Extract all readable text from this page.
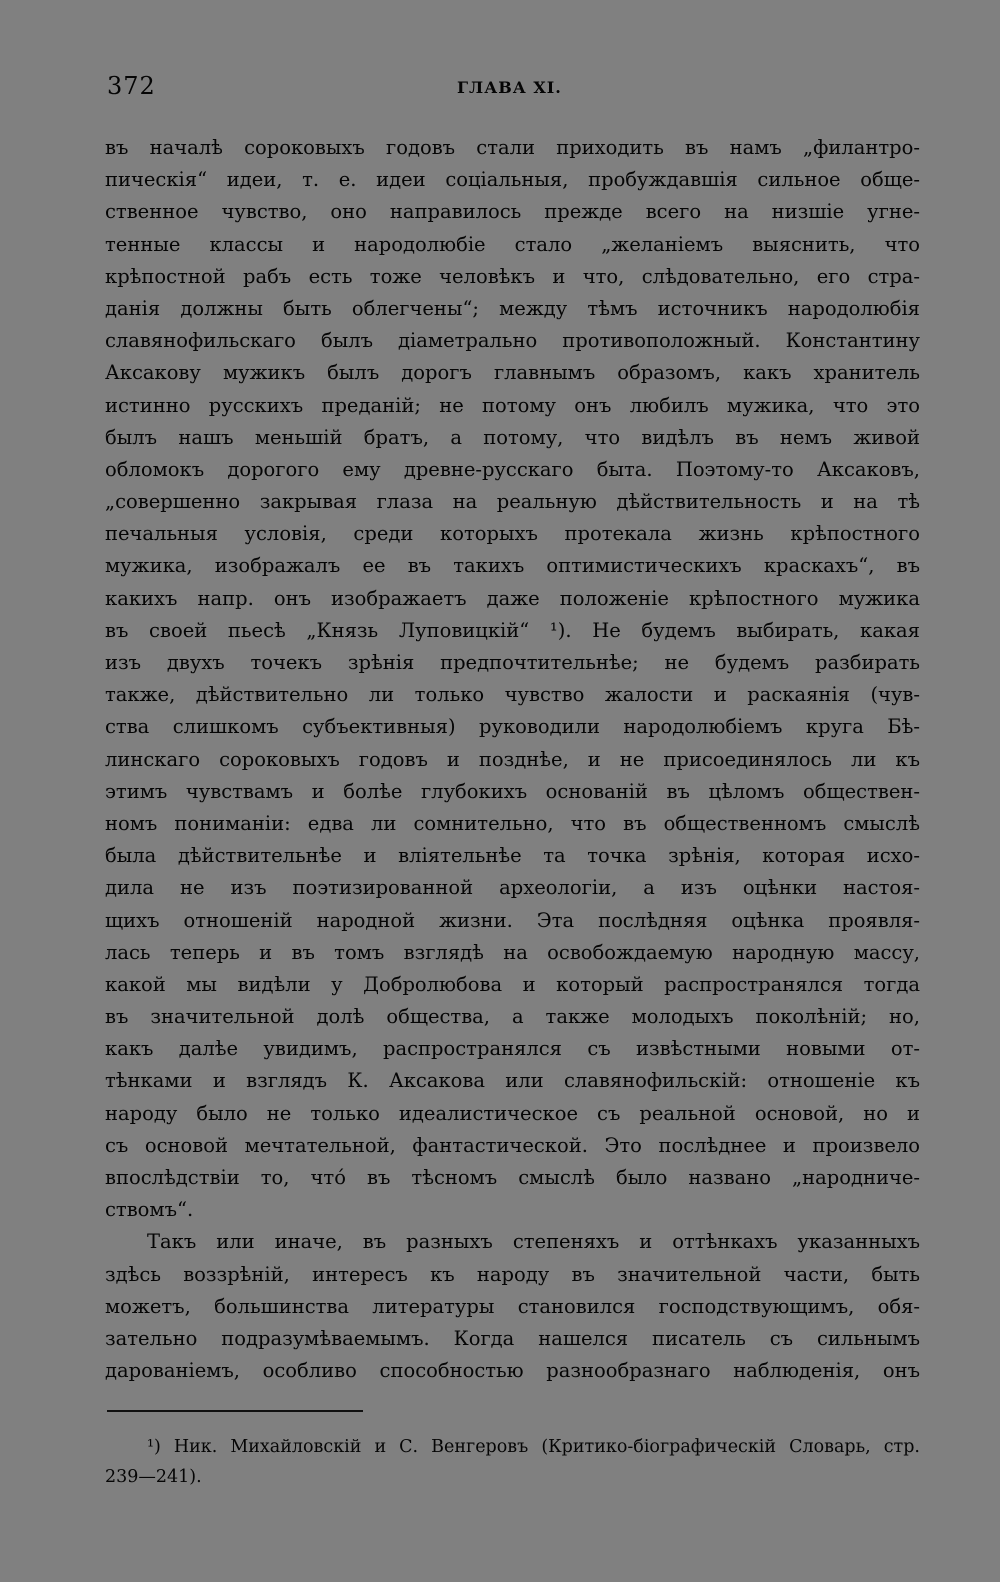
372	ГЛАВА XI.
въ началѣ сороковыхъ годовъ стали приходить въ намъ „филантро-
пическія“ идеи, т. е. идеи соціальныя, пробуждавшія сильное обще-
ственное чувство, оно направилось прежде всего на низшіе угне-
тенные классы и народолюбіе стало „желаніемъ выяснить, что
крѣпостной рабъ есть тоже человѣкъ и что, слѣдовательно, его стра-
данія должны быть облегчены“; между тѣмъ источникъ народолюбія
славянофильскаго былъ діаметрально противоположный. Константину
Аксакову мужикъ былъ дорогъ главнымъ образомъ, какъ хранитель
истинно русскихъ преданій; не потому онъ любилъ мужика, что это
былъ нашъ меньшій братъ, а потому, что видѣлъ въ немъ живой
обломокъ дорогого ему древне-русскаго быта. Поэтому-то Аксаковъ,
„совершенно закрывая глаза на реальную дѣйствительность и на тѣ
печальныя условія, среди которыхъ протекала жизнь крѣпостного
мужика, изображалъ ее въ такихъ оптимистическихъ краскахъ“, въ
какихъ напр. онъ изображаетъ даже положеніе крѣпостного мужика
въ своей пьесѣ „Князь Луповицкій“ ¹). Не будемъ выбирать, какая
изъ двухъ точекъ зрѣнія предпочтительнѣе; не будемъ разбирать
также, дѣйствительно ли только чувство жалости и раскаянія (чув-
ства слишкомъ субъективныя) руководили народолюбіемъ круга Бѣ-
линскаго сороковыхъ годовъ и позднѣе, и не присоединялось ли къ
этимъ чувствамъ и болѣе глубокихъ основаній въ цѣломъ обществен-
номъ пониманіи: едва ли сомнительно, что въ общественномъ смыслѣ
была дѣйствительнѣе и вліятельнѣе та точка зрѣнія, которая исхо-
дила не изъ поэтизированной археологіи, а изъ оцѣнки настоя-
щихъ отношеній народной жизни. Эта послѣдняя оцѣнка проявля-
лась теперь и въ томъ взглядѣ на освобождаемую народную массу,
какой мы видѣли у Добролюбова и который распространялся тогда
въ значительной долѣ общества, а также молодыхъ поколѣній; но,
какъ далѣе увидимъ, распространялся съ извѣстными новыми от-
тѣнками и взглядъ К. Аксакова или славянофильскій: отношеніе къ
народу было не только идеалистическое съ реальной основой, но и
съ основой мечтательной, фантастической. Это послѣднее и произвело
впослѣдствіи то, что́ въ тѣсномъ смыслѣ было названо „народниче-
ствомъ“.
Такъ или иначе, въ разныхъ степеняхъ и оттѣнкахъ указанныхъ
здѣсь воззрѣній, интересъ къ народу въ значительной части, быть
можетъ, большинства литературы становился господствующимъ, обя-
зательно подразумѣваемымъ. Когда нашелся писатель съ сильнымъ
дарованіемъ, особливо способностью разнообразнаго наблюденія, онъ
¹) Ник. Михайловскій и С. Венгеровъ (Критико-біографическій Словарь, стр.
239—241).
